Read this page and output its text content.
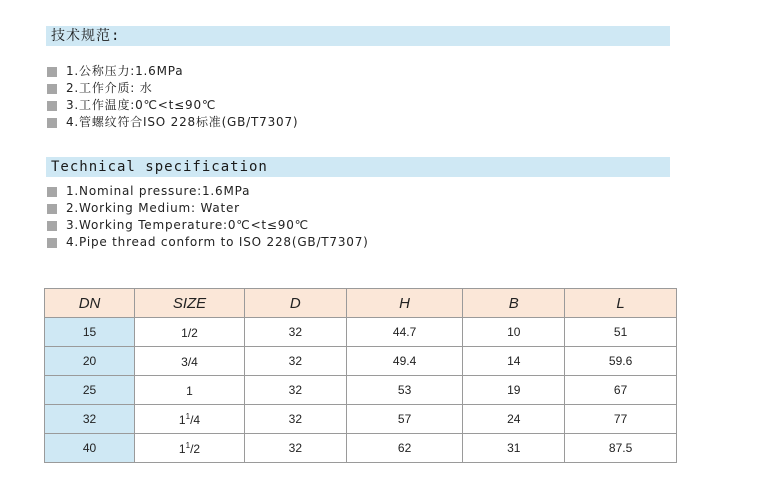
技术规范:
1.公称压力:1.6MPa
2.工作介质: 水
3.工作温度:0℃<t≤90℃
4.管螺纹符合ISO 228标准(GB/T7307)
Technical specification
1.Nominal pressure:1.6MPa
2.Working Medium: Water
3.Working Temperature:0℃<t≤90℃
4.Pipe thread conform to ISO 228(GB/T7307)
DN	SIZE	D	H	B	L
15	1/2	32	44.7	10	51
20	3/4	32	49.4	14	59.6
25	1	32	53	19	67
32	$1^1/4$	32	57	24	77
40	$1^1/2$	32	62	31	87.5
